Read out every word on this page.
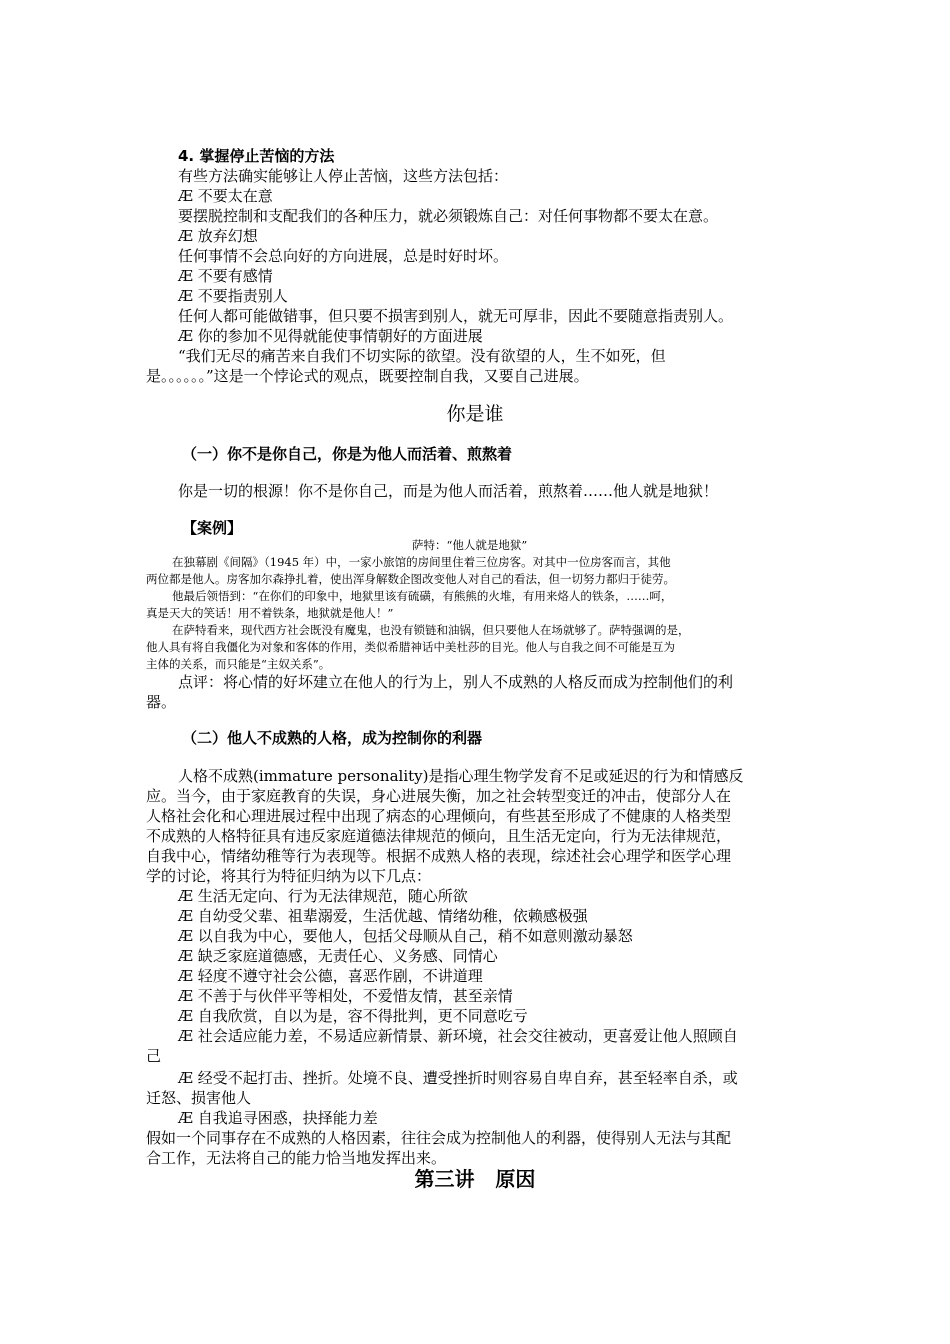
4. 掌握停止苦恼的方法
有些方法确实能够让人停止苦恼，这些方法包括：
Æ 不要太在意
要摆脱控制和支配我们的各种压力，就必须锻炼自己：对任何事物都不要太在意。
Æ 放弃幻想
任何事情不会总向好的方向进展，总是时好时坏。
Æ 不要有感情
Æ 不要指责别人
任何人都可能做错事，但只要不损害到别人，就无可厚非，因此不要随意指责别人。
Æ 你的参加不见得就能使事情朝好的方面进展
“我们无尽的痛苦来自我们不切实际的欲望。没有欲望的人，生不如死，但
是。。。。。。”这是一个悖论式的观点，既要控制自我，又要自己进展。
你是谁
（一）你不是你自己，你是为他人而活着、煎熬着
你是一切的根源！你不是你自己，而是为他人而活着，煎熬着……他人就是地狱！
【案例】
萨特：“他人就是地狱”
在独幕剧《间隔》（1945 年）中，一家小旅馆的房间里住着三位房客。对其中一位房客而言，其他
两位都是他人。房客加尔森挣扎着，使出浑身解数企图改变他人对自己的看法，但一切努力都归于徒劳。
他最后领悟到：“在你们的印象中，地狱里该有硫磺，有熊熊的火堆，有用来烙人的铁条，……呵，
真是天大的笑话！用不着铁条，地狱就是他人！”
在萨特看来，现代西方社会既没有魔鬼，也没有锁链和油锅，但只要他人在场就够了。萨特强调的是，
他人具有将自我僵化为对象和客体的作用，类似希腊神话中美杜莎的目光。他人与自我之间不可能是互为
主体的关系，而只能是“主奴关系”。
点评：将心情的好坏建立在他人的行为上，别人不成熟的人格反而成为控制他们的利
器。
（二）他人不成熟的人格，成为控制你的利器
人格不成熟(immature personality)是指心理生物学发育不足或延迟的行为和情感反
应。当今，由于家庭教育的失误，身心进展失衡，加之社会转型变迁的冲击，使部分人在
人格社会化和心理进展过程中出现了病态的心理倾向，有些甚至形成了不健康的人格类型
不成熟的人格特征具有违反家庭道德法律规范的倾向，且生活无定向，行为无法律规范，
自我中心，情绪幼稚等行为表现等。根据不成熟人格的表现，综述社会心理学和医学心理
学的讨论，将其行为特征归纳为以下几点：
Æ 生活无定向、行为无法律规范，随心所欲
Æ 自幼受父辈、祖辈溺爱，生活优越、情绪幼稚，依赖感极强
Æ 以自我为中心，要他人，包括父母顺从自己，稍不如意则激动暴怒
Æ 缺乏家庭道德感，无责任心、义务感、同情心
Æ 轻度不遵守社会公德，喜恶作剧，不讲道理
Æ 不善于与伙伴平等相处，不爱惜友情，甚至亲情
Æ 自我欣赏，自以为是，容不得批判，更不同意吃亏
Æ 社会适应能力差，不易适应新情景、新环境，社会交往被动，更喜爱让他人照顾自
己
Æ 经受不起打击、挫折。处境不良、遭受挫折时则容易自卑自弃，甚至轻率自杀，或
迁怒、损害他人
Æ 自我追寻困惑，抉择能力差
假如一个同事存在不成熟的人格因素，往往会成为控制他人的利器，使得别人无法与其配
合工作，无法将自己的能力恰当地发挥出来。
第三讲   原因
